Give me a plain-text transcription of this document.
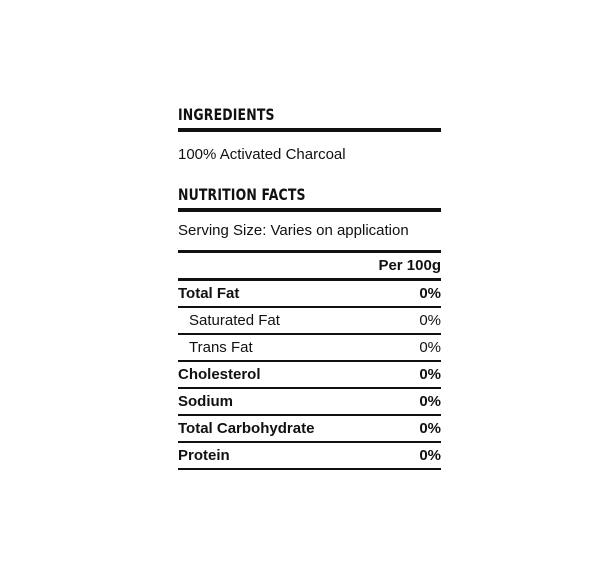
INGREDIENTS
100% Activated Charcoal
NUTRITION FACTS
Serving Size: Varies on application
Per 100g
Total Fat	0%
Saturated Fat	0%
Trans Fat	0%
Cholesterol	0%
Sodium	0%
Total Carbohydrate	0%
Protein	0%
